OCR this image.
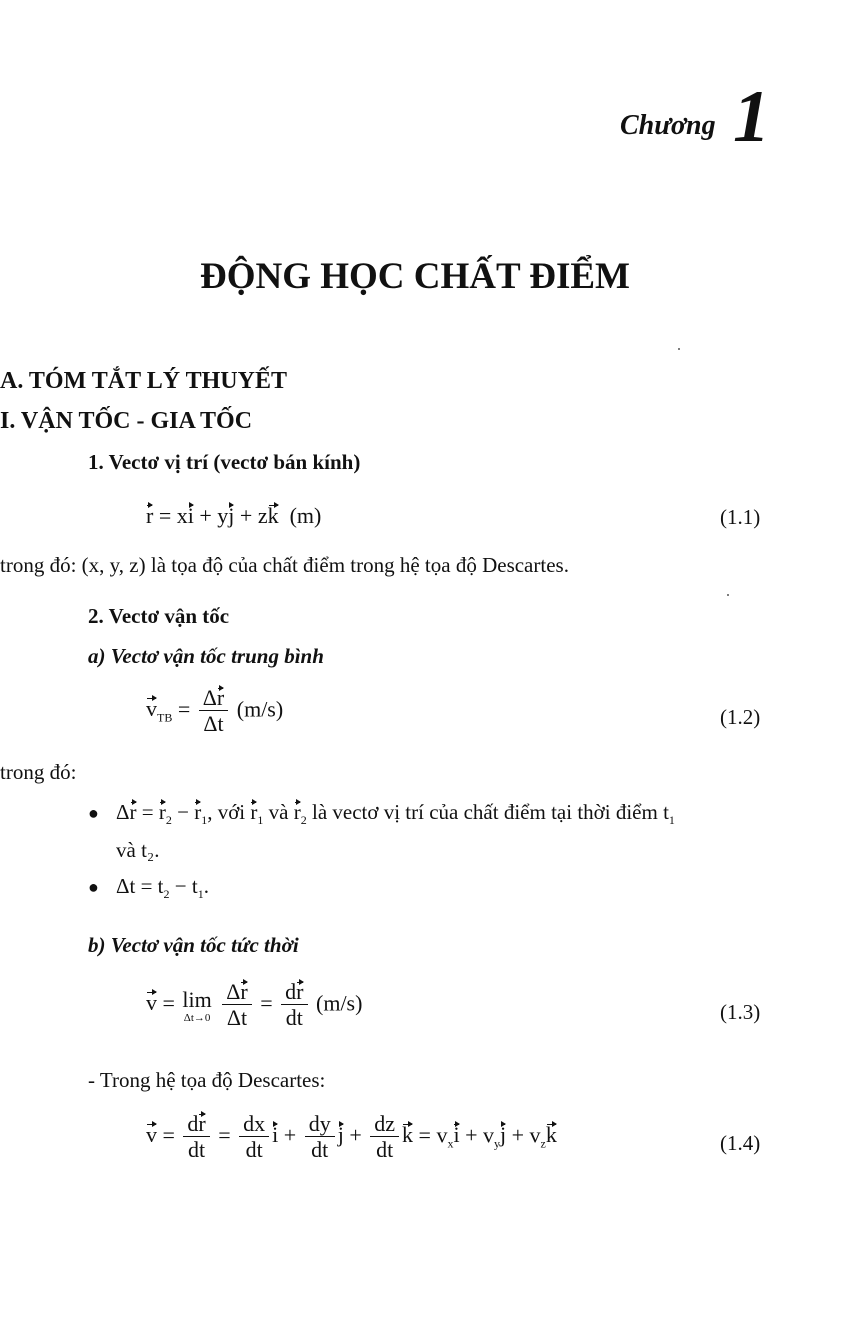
Chương 1
ĐỘNG HỌC CHẤT ĐIỂM
A. TÓM TẮT LÝ THUYẾT
I. VẬN TỐC - GIA TỐC
1. Vectơ vị trí (vectơ bán kính)
r = xi + yj + zk (m)	(1.1)
trong đó: (x, y, z) là tọa độ của chất điểm trong hệ tọa độ Descartes.
2. Vectơ vận tốc
a) Vectơ vận tốc trung bình
$v_{TB} = \frac{\Delta r}{\Delta t} (m/s)$	(1.2)
trong đó:
● $\Delta r = r_2 - r_1$, với $r_1$ và $r_2$ là vectơ vị trí của chất điểm tại thời điểm $t_1$
và t₂.
● $\Delta t = t_2 - t_1$.
b) Vectơ vận tốc tức thời
v = lim
Δt→0
$\frac{\Delta r}{\Delta t} = \frac{dr}{dt} (m/s)$	(1.3)
- Trong hệ tọa độ Descartes:
$v = \frac{dr}{dt} = \frac{dx}{dt}$ $i + \frac{dy}{dt}$ $j + \frac{dz}{dt}$ $k = v_xi + v_yj + v_zk$	(1.4)
